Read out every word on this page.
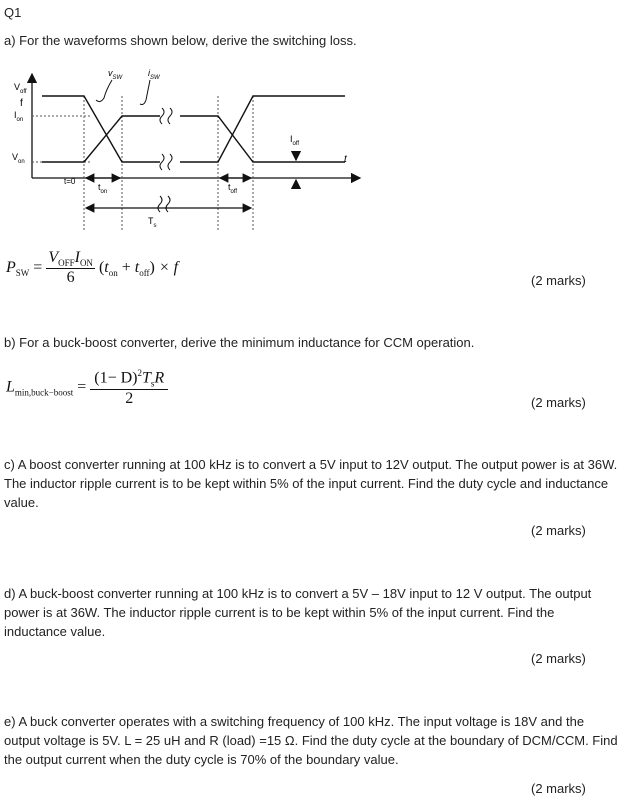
Q1
a) For the waveforms shown below, derive the switching loss.
$V_{off}$
f
$I_{on}$
$V_{on}$
$v_{SW}$	$i_{SW}$
$I_{off}$
t
t=0
$t_{on}$	$t_{off}$
$T_s$
$P_{SW} = \frac{V_{OFF}I_{ON}}{6} (t_{on} + t_{off}) \times f$
(2 marks)
b) For a buck-boost converter, derive the minimum inductance for CCM operation.
$L_{min,buck-boost} = \frac{(1- D)^2T_sR}{2}$	(2 marks)
c) A boost converter running at 100 kHz is to convert a 5V input to 12V output. The output power is at 36W. The inductor ripple current is to be kept within 5% of the input current. Find the duty cycle and inductance value.
(2 marks)
d) A buck-boost converter running at 100 kHz is to convert a 5V – 18V input to 12 V output. The output power is at 36W. The inductor ripple current is to be kept within 5% of the input current. Find the inductance value.
(2 marks)
e) A buck converter operates with a switching frequency of 100 kHz. The input voltage is 18V and the output voltage is 5V. L = 25 uH and R (load) =15 Ω. Find the duty cycle at the boundary of DCM/CCM. Find the output current when the duty cycle is 70% of the boundary value.
(2 marks)
